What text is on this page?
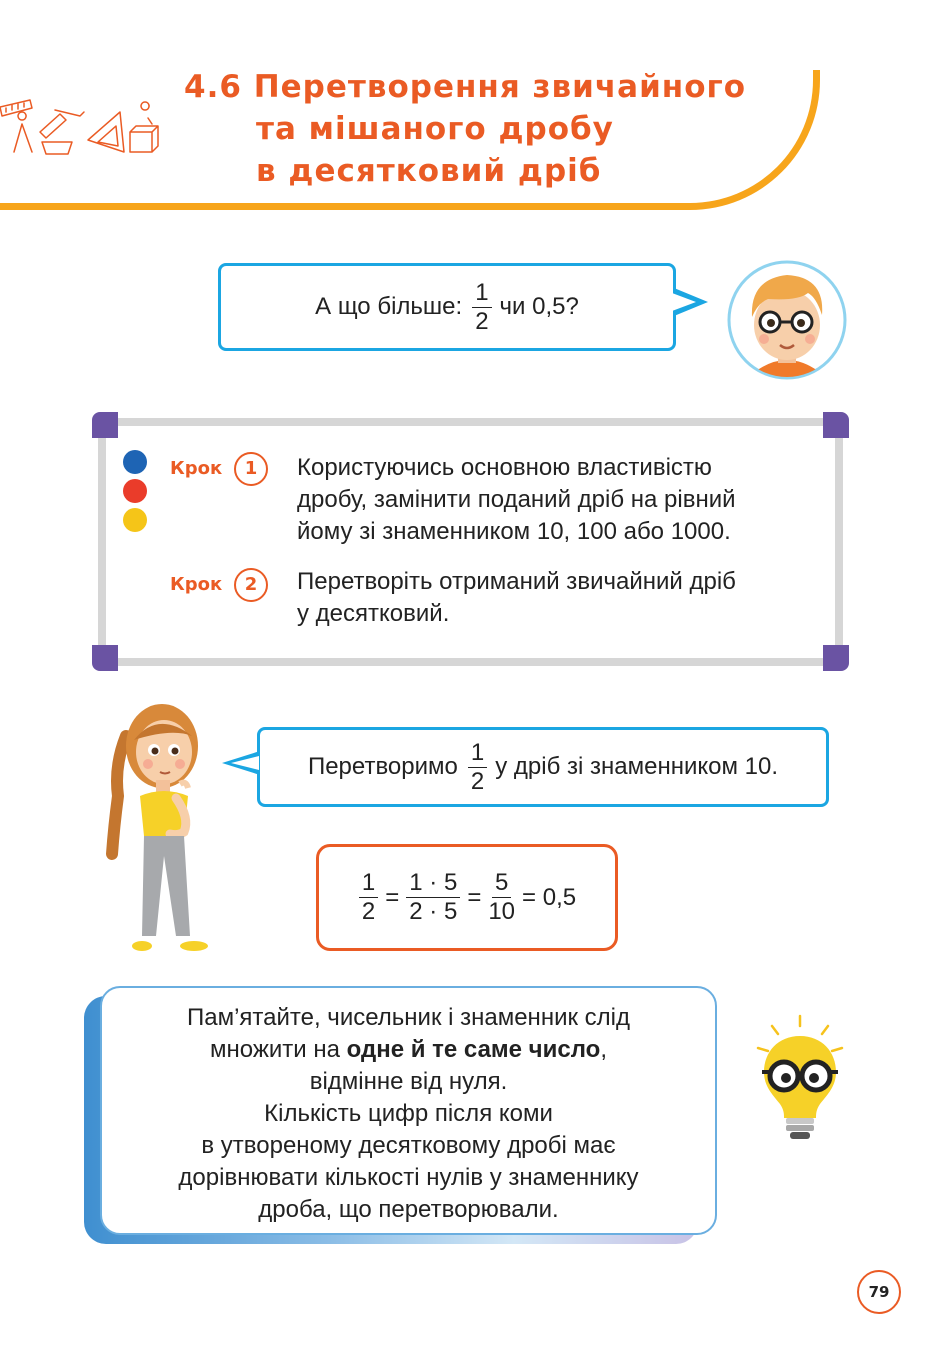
4.6 Перетворення звичайного
та мішаного дробу
в десятковий дріб
А що більше: $\frac{1}{2}$ чи 0,5?
Крок	1	Користуючись основною властивістю
дробу, замінити поданий дріб на рівний
йому зі знаменником 10, 100 або 1000.
Крок	2	Перетворіть отриманий звичайний дріб
у десятковий.
Перетворимо $\frac{1}{2}$ у дріб зі знаменником 10.
$\frac{1}{2} = \frac{1 \cdot 5}{2 \cdot 5} = \frac{5}{10} = 0,5$
Пам’ятайте, чисельник і знаменник слід
множити на одне й те саме число,
відмінне від нуля.
Кількість цифр після коми
в утвореному десятковому дробі має
дорівнювати кількості нулів у знаменнику
дроба, що перетворювали.
79
